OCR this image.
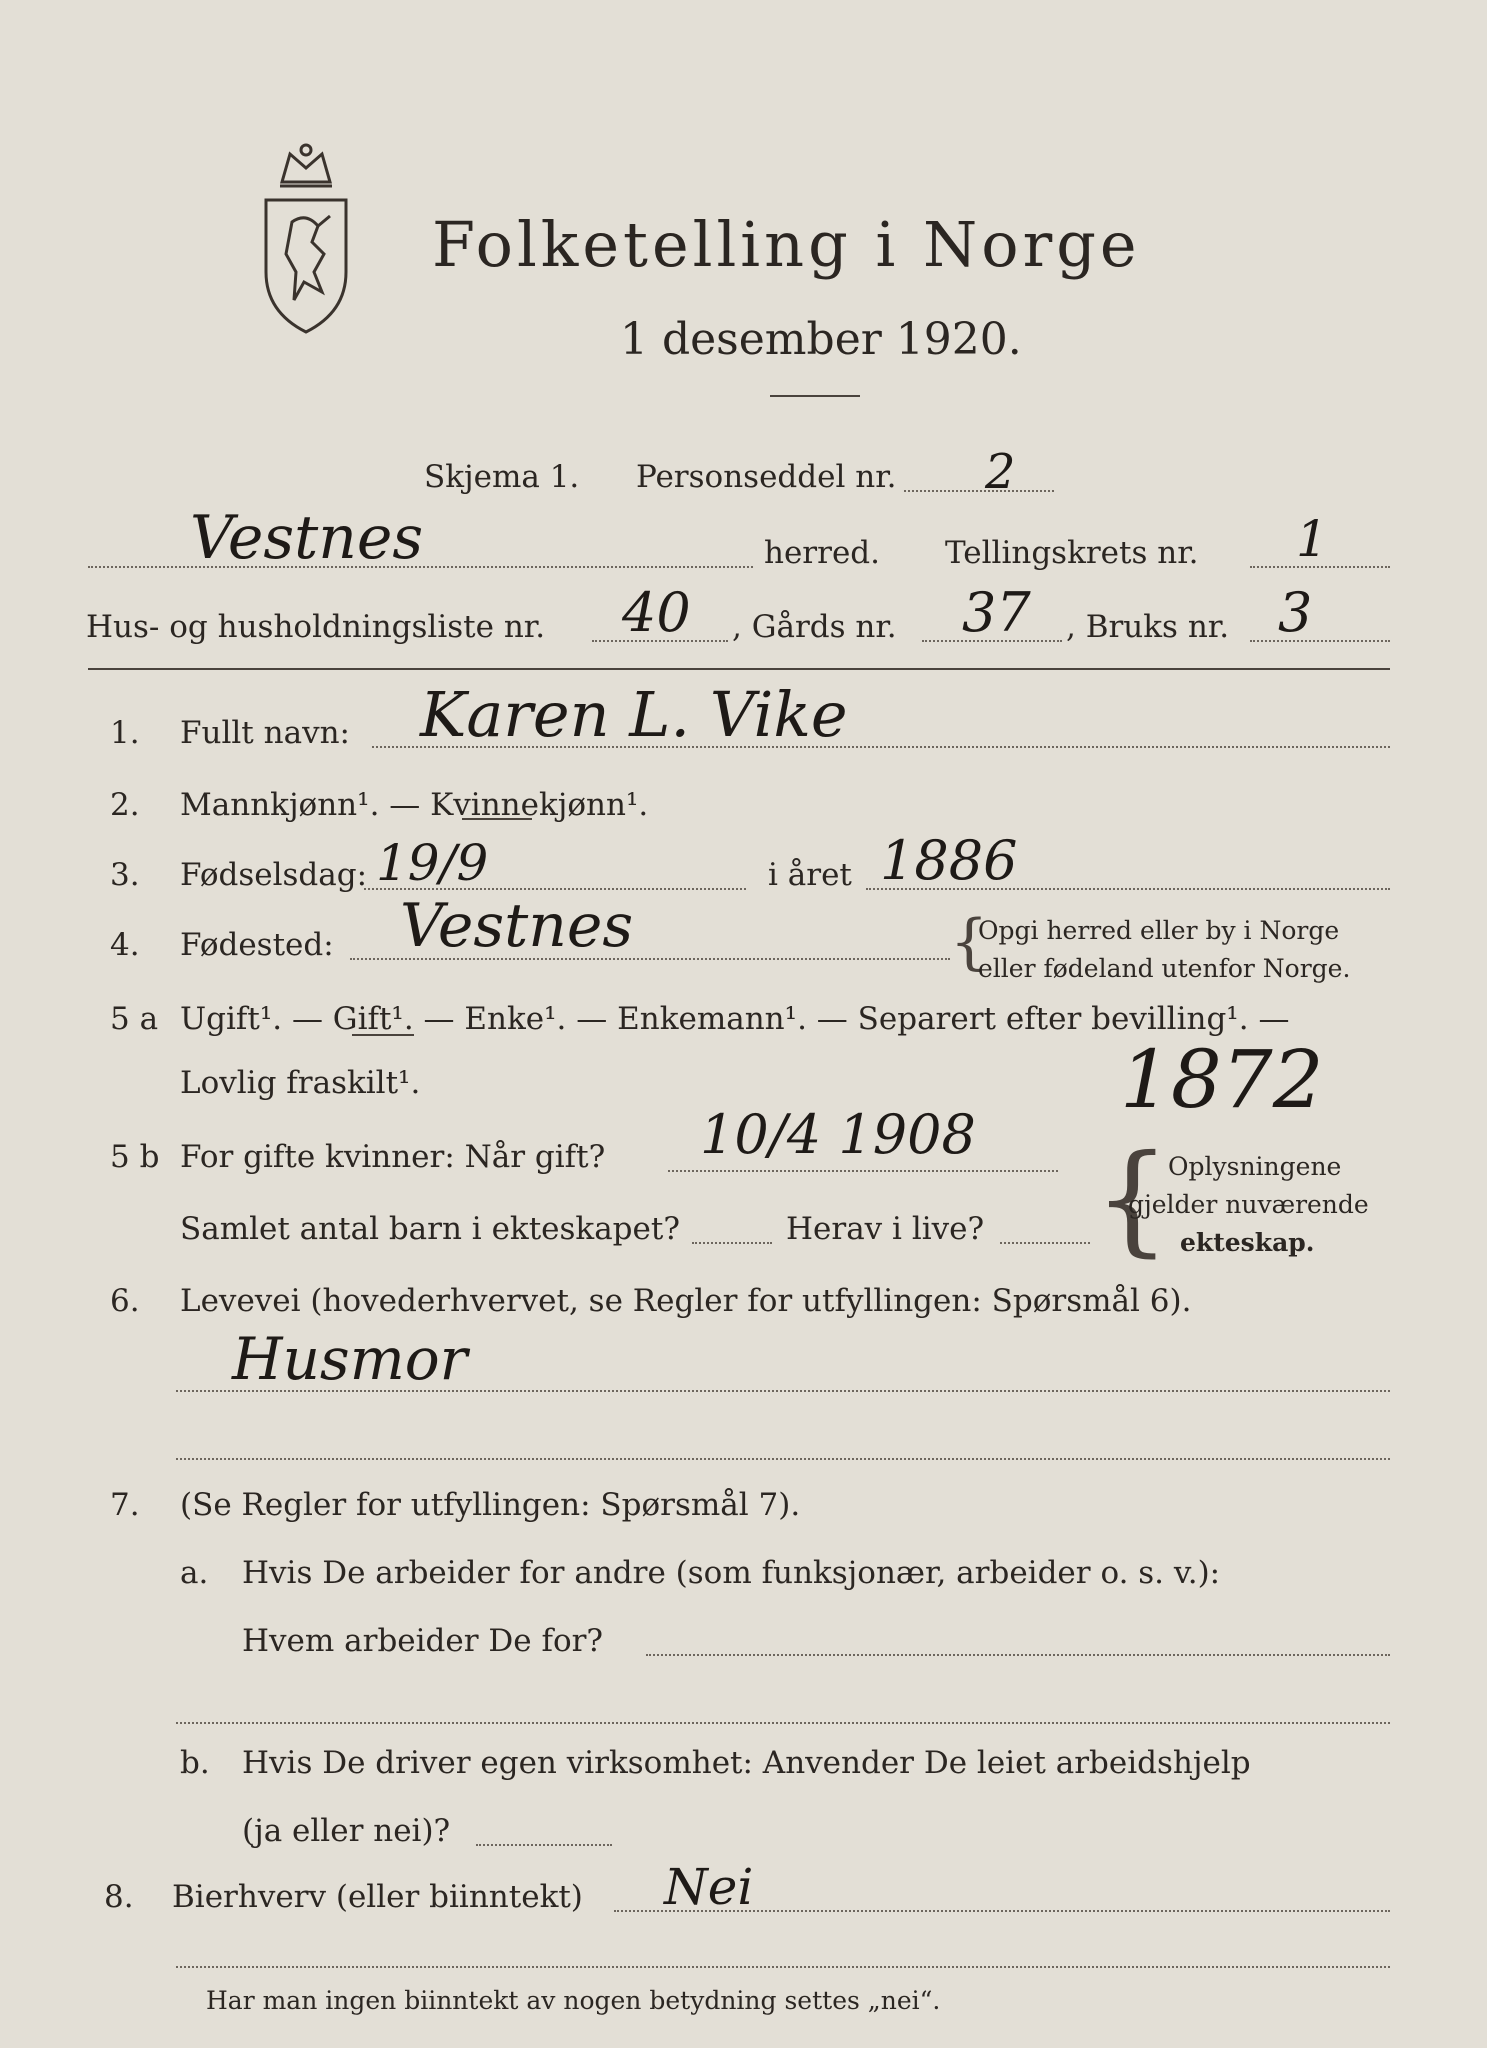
Folketelling i Norge
1 desember 1920.
Skjema 1. Personseddel nr. 2
Vestnes	herred. Tellingskrets nr. 1
Hus- og husholdningsliste nr. 40 , Gårds nr. 37 , Bruks nr. 3
1. Fullt navn: Karen L. Vike
2. Mannkjønn¹. — Kvinnekjønn¹.
3. Fødselsdag: 19/9	i året 1886
4. Fødested: Vestnes	{
Opgi herred eller by i Norge
eller fødeland utenfor Norge.
5 a Ugift¹. — Gift¹. — Enke¹. — Enkemann¹. — Separert efter bevilling¹. —
Lovlig fraskilt¹.	1872
5 b For gifte kvinner: Når gift? 10/4 1908
Samlet antal barn i ekteskapet?	Herav i live? {
Oplysningene
gjelder nuværende
ekteskap.
6. Levevei (hovederhvervet, se Regler for utfyllingen: Spørsmål 6).
Husmor
7. (Se Regler for utfyllingen: Spørsmål 7).
a. Hvis De arbeider for andre (som funksjonær, arbeider o. s. v.):
Hvem arbeider De for?
b. Hvis De driver egen virksomhet: Anvender De leiet arbeidshjelp
(ja eller nei)?
8. Bierhverv (eller biinntekt) Nei
Har man ingen biinntekt av nogen betydning settes „nei“.
